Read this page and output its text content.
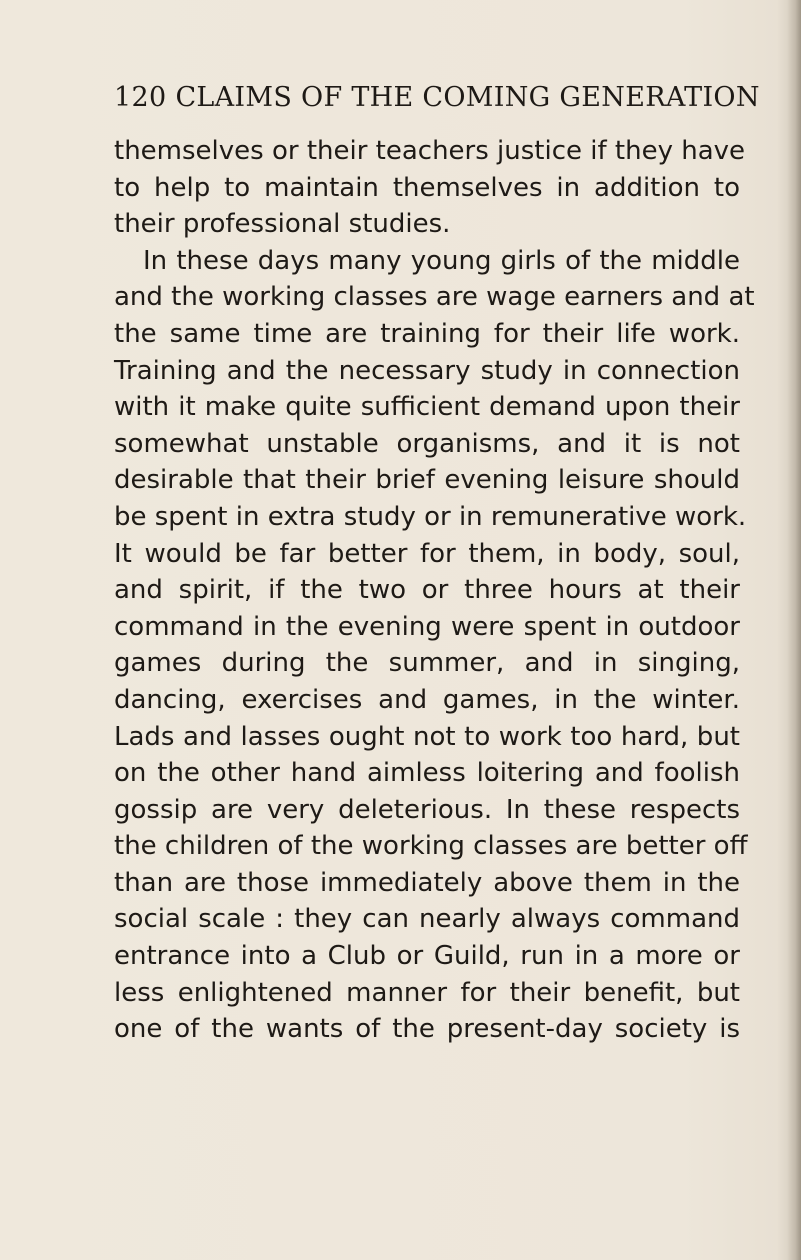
120 CLAIMS OF THE COMING GENERATION
themselves or their teachers justice if they have
to help to maintain themselves in addition to
their professional studies.
In these days many young girls of the middle
and the working classes are wage earners and at
the same time are training for their life work.
Training and the necessary study in connection
with it make quite sufficient demand upon their
somewhat unstable organisms, and it is not
desirable that their brief evening leisure should
be spent in extra study or in remunerative work.
It would be far better for them, in body, soul,
and spirit, if the two or three hours at their
command in the evening were spent in outdoor
games during the summer, and in singing,
dancing, exercises and games, in the winter.
Lads and lasses ought not to work too hard, but
on the other hand aimless loitering and foolish
gossip are very deleterious. In these respects
the children of the working classes are better off
than are those immediately above them in the
social scale : they can nearly always command
entrance into a Club or Guild, run in a more or
less enlightened manner for their benefit, but
one of the wants of the present-day society is
